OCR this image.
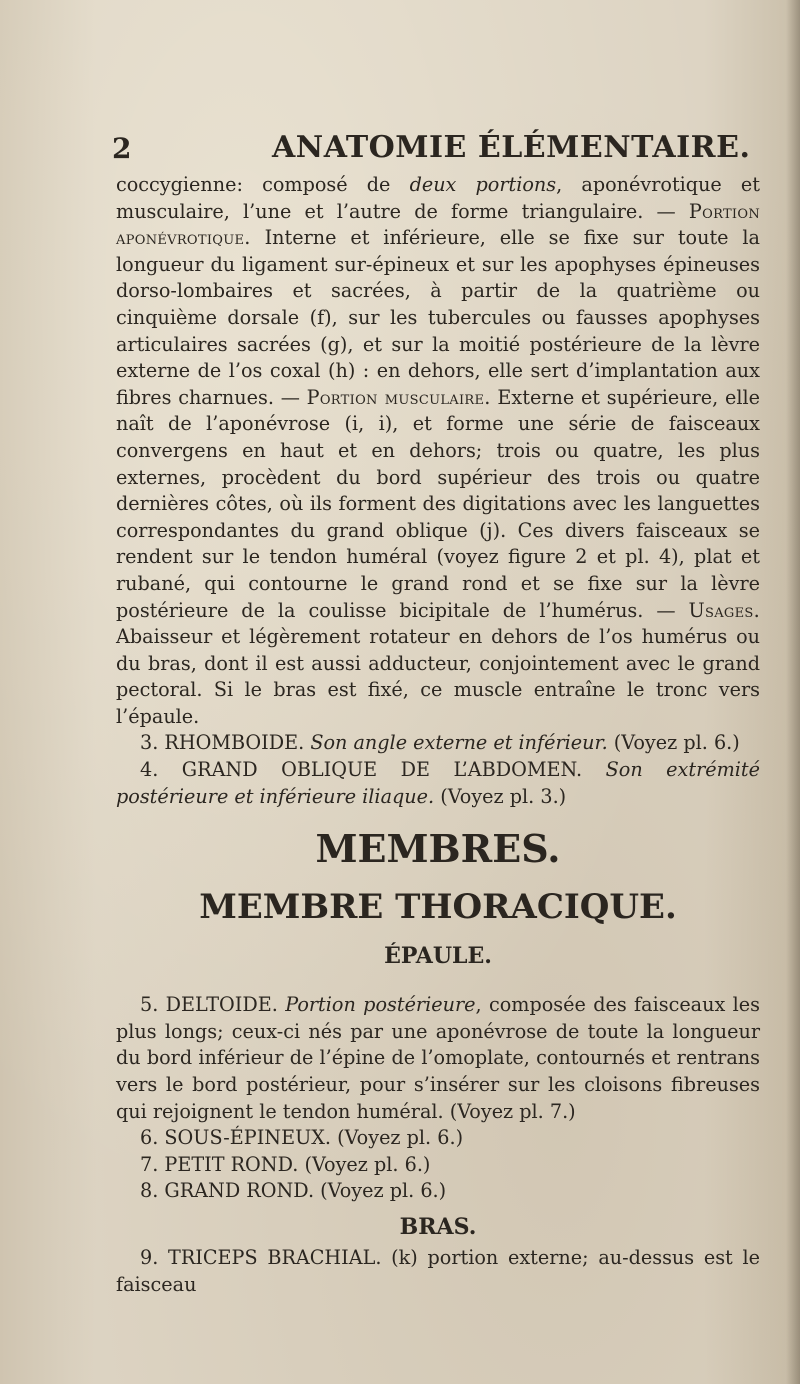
2	ANATOMIE ÉLÉMENTAIRE.

coccygienne: composé de deux portions, aponévrotique et musculaire, l’une et l’autre de forme triangulaire. — Portion aponévrotique. Interne et inférieure, elle se fixe sur toute la longueur du ligament sur-épineux et sur les apophyses épineuses dorso-lombaires et sacrées, à partir de la quatrième ou cinquième dorsale (f), sur les tubercules ou fausses apophyses articulaires sacrées (g), et sur la moitié postérieure de la lèvre externe de l’os coxal (h) : en dehors, elle sert d’implantation aux fibres charnues. — Portion musculaire. Externe et supérieure, elle naît de l’aponévrose (i, i), et forme une série de faisceaux convergens en haut et en dehors; trois ou quatre, les plus externes, procèdent du bord supérieur des trois ou quatre dernières côtes, où ils forment des digitations avec les languettes correspondantes du grand oblique (j). Ces divers faisceaux se rendent sur le tendon huméral (voyez figure 2 et pl. 4), plat et rubané, qui contourne le grand rond et se fixe sur la lèvre postérieure de la coulisse bicipitale de l’humérus. — Usages. Abaisseur et légèrement rotateur en dehors de l’os humérus ou du bras, dont il est aussi adducteur, conjointement avec le grand pectoral. Si le bras est fixé, ce muscle entraîne le tronc vers l’épaule.

3. RHOMBOIDE. Son angle externe et inférieur. (Voyez pl. 6.)

4. GRAND OBLIQUE DE L’ABDOMEN. Son extrémité postérieure et inférieure iliaque. (Voyez pl. 3.)

MEMBRES.
MEMBRE THORACIQUE.
ÉPAULE.

5. DELTOIDE. Portion postérieure, composée des faisceaux les plus longs; ceux-ci nés par une aponévrose de toute la longueur du bord inférieur de l’épine de l’omoplate, contournés et rentrans vers le bord postérieur, pour s’insérer sur les cloisons fibreuses qui rejoignent le tendon huméral. (Voyez pl. 7.)

6. SOUS-ÉPINEUX. (Voyez pl. 6.)

7. PETIT ROND. (Voyez pl. 6.)

8. GRAND ROND. (Voyez pl. 6.)

BRAS.

9. TRICEPS BRACHIAL. (k) portion externe; au-dessus est le faisceau
